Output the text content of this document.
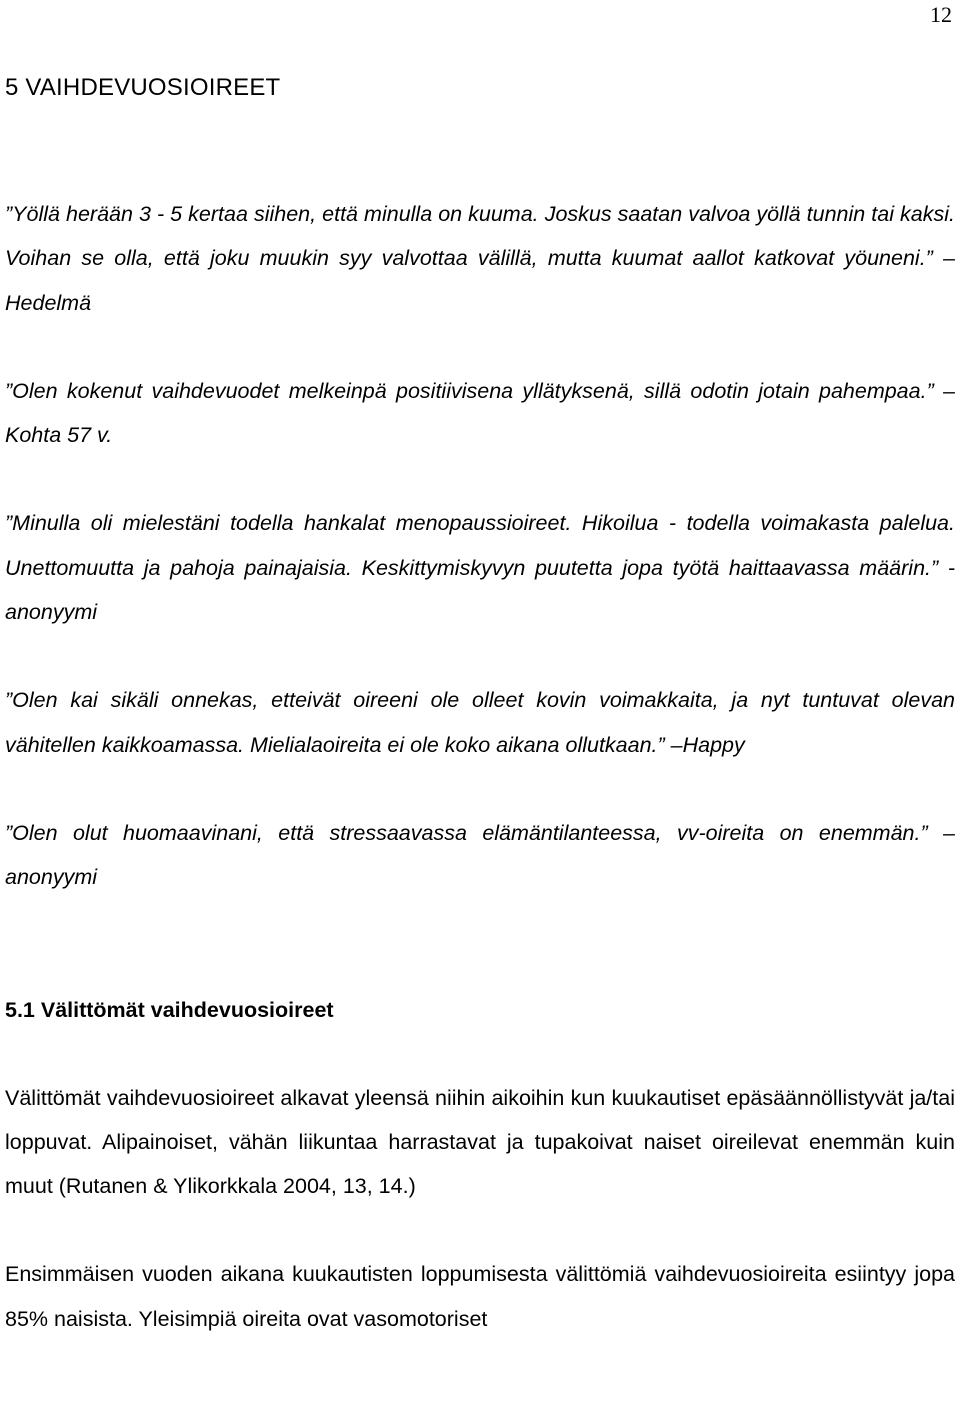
12
5 VAIHDEVUOSIOIREET

”Yöllä herään 3 - 5 kertaa siihen, että minulla on kuuma. Joskus saatan valvoa yöllä tunnin tai kaksi. Voihan se olla, että joku muukin syy valvottaa välillä, mutta kuumat aallot katkovat yöuneni.” –Hedelmä

”Olen kokenut vaihdevuodet melkeinpä positiivisena yllätyksenä, sillä odotin jotain pahempaa.” –Kohta 57 v.

”Minulla oli mielestäni todella hankalat menopaussioireet. Hikoilua - todella voimakasta palelua. Unettomuutta ja pahoja painajaisia. Keskittymiskyvyn puutetta jopa työtä haittaavassa määrin.” -anonyymi

”Olen kai sikäli onnekas, etteivät oireeni ole olleet kovin voimakkaita, ja nyt tuntuvat olevan vähitellen kaikkoamassa. Mielialaoireita ei ole koko aikana ollutkaan.” –Happy

”Olen olut huomaavinani, että stressaavassa elämäntilanteessa, vv-oireita on enemmän.” –anonyymi

5.1 Välittömät vaihdevuosioireet

Välittömät vaihdevuosioireet alkavat yleensä niihin aikoihin kun kuukautiset epäsäännöllistyvät ja/tai loppuvat. Alipainoiset, vähän liikuntaa harrastavat ja tupakoivat naiset oireilevat enemmän kuin muut (Rutanen & Ylikorkkala 2004, 13, 14.)

Ensimmäisen vuoden aikana kuukautisten loppumisesta välittömiä vaihdevuosioireita esiintyy jopa 85% naisista. Yleisimpiä oireita ovat vasomotoriset
